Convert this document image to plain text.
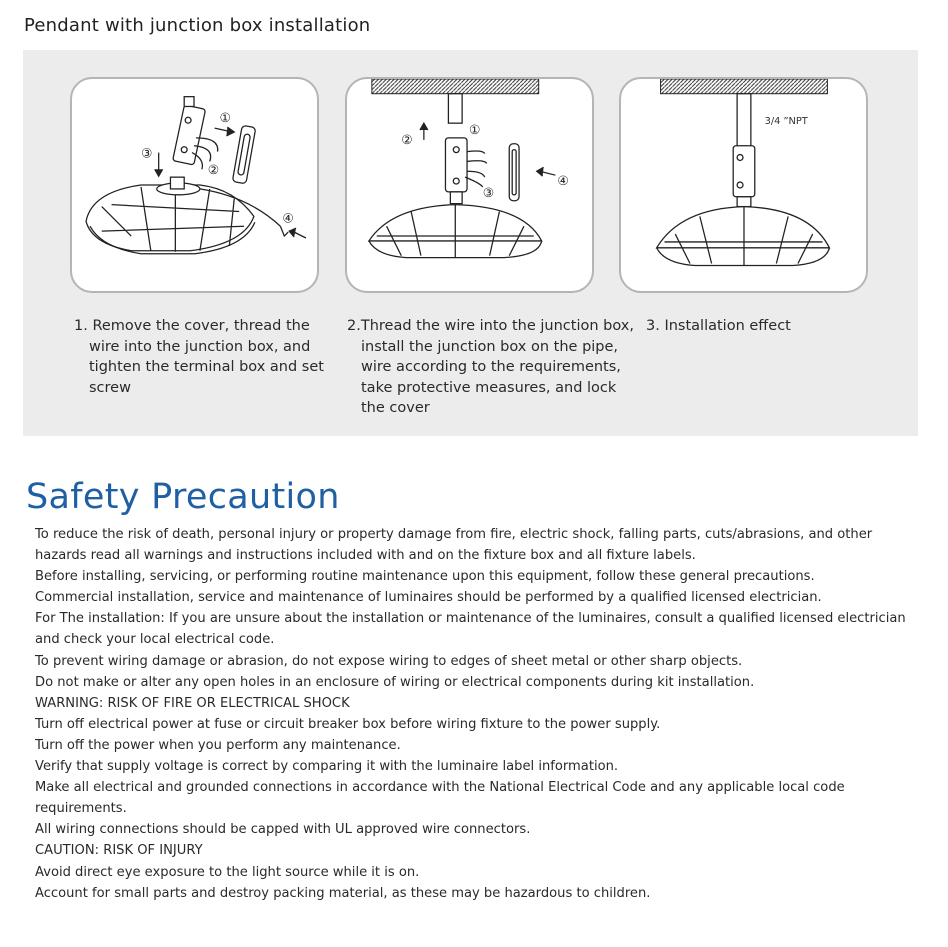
Pendant with junction box installation
①
②
③
④
①
②
③
④
3/4 ”NPT
1. Remove the cover, thread the
wire into the junction box, and
tighten the terminal box and set
screw
2.Thread the wire into the junction box,
install the junction box on the pipe,
wire according to the requirements,
take protective measures, and lock
the cover
3. Installation effect
Safety Precaution
To reduce the risk of death, personal injury or property damage from fire, electric shock, falling parts, cuts/abrasions, and other
hazards read all warnings and instructions included with and on the fixture box and all fixture labels.
Before installing, servicing, or performing routine maintenance upon this equipment, follow these general precautions.
Commercial installation, service and maintenance of luminaires should be performed by a qualified licensed electrician.
For The installation: If you are unsure about the installation or maintenance of the luminaires, consult a qualified licensed electrician
and check your local electrical code.
To prevent wiring damage or abrasion, do not expose wiring to edges of sheet metal or other sharp objects.
Do not make or alter any open holes in an enclosure of wiring or electrical components during kit installation.
WARNING: RISK OF FIRE OR ELECTRICAL SHOCK
Turn off electrical power at fuse or circuit breaker box before wiring fixture to the power supply.
Turn off the power when you perform any maintenance.
Verify that supply voltage is correct by comparing it with the luminaire label information.
Make all electrical and grounded connections in accordance with the National Electrical Code and any applicable local code
requirements.
All wiring connections should be capped with UL approved wire connectors.
CAUTION: RISK OF INJURY
Avoid direct eye exposure to the light source while it is on.
Account for small parts and destroy packing material, as these may be hazardous to children.
